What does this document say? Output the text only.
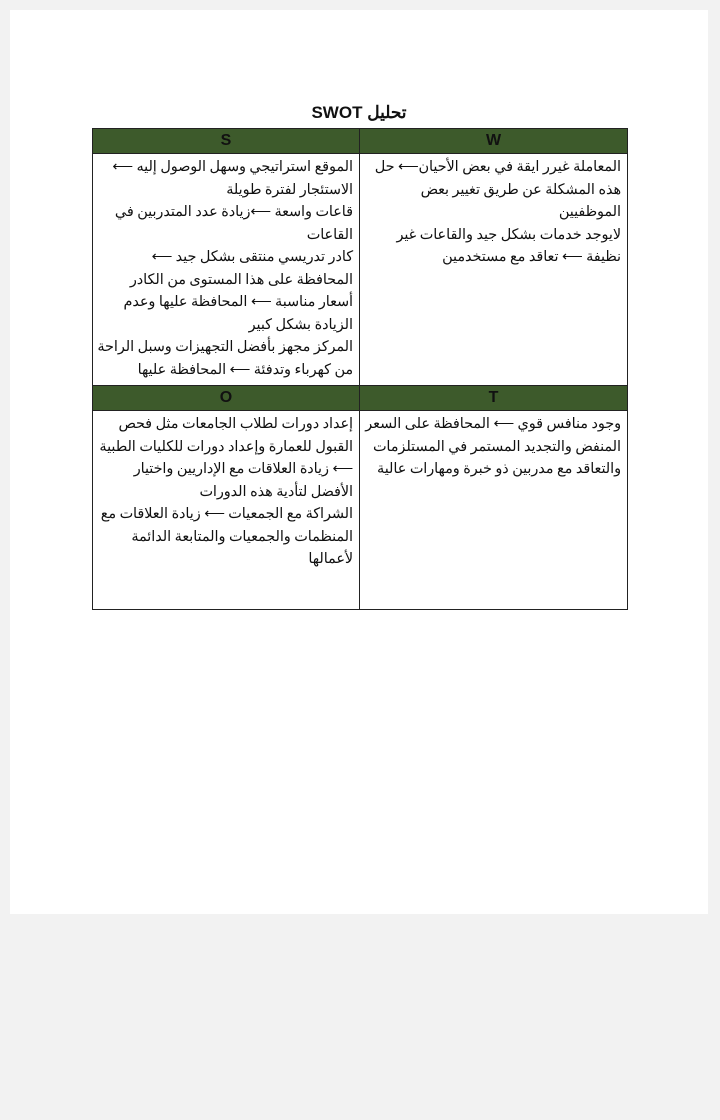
تحليل SWOT
S

الموقع استراتيجي وسهل الوصول إليه ⟵ الاستئجار لفترة طويلة

قاعات واسعة ⟵زيادة عدد المتدربين في القاعات

كادر تدريسي منتقى بشكل جيد ⟵ المحافظة على هذا المستوى من الكادر

أسعار مناسبة ⟵ المحافظة عليها وعدم الزيادة بشكل كبير

المركز مجهز بأفضل التجهيزات وسبل الراحة من كهرباء وتدفئة ⟵ المحافظة عليها

W

المعاملة غيرر ايقة في بعض الأحيان⟵ حل هذه المشكلة عن طريق تغيير بعض الموظفيين

لايوجد خدمات بشكل جيد والقاعات غير نظيفة ⟵ تعاقد مع مستخدمين

O

إعداد دورات لطلاب الجامعات مثل فحص القبول للعمارة وإعداد دورات للكليات الطبية ⟵ زيادة العلاقات مع الإداريين واختيار الأفضل لتأدية هذه الدورات

الشراكة مع الجمعيات ⟵ زيادة العلاقات مع المنظمات والجمعيات والمتابعة الدائمة لأعمالها

T

وجود منافس قوي ⟵ المحافظة على السعر المنفض والتجديد المستمر في المستلزمات والتعاقد مع مدربين ذو خبرة ومهارات عالية
